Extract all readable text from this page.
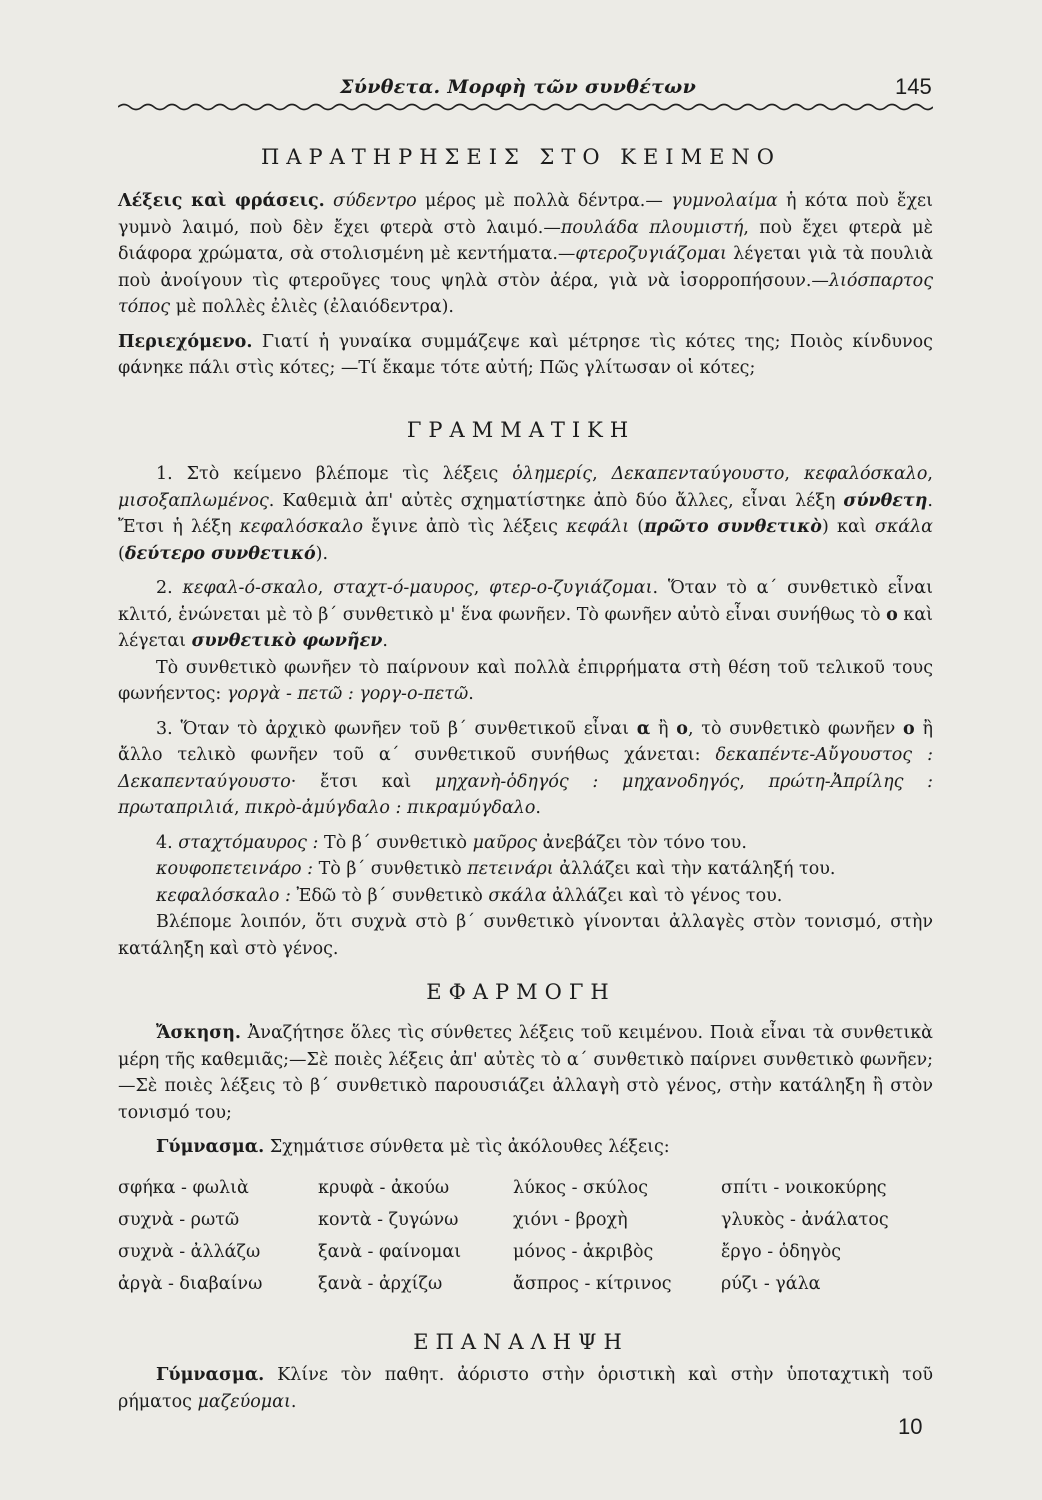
Σύνθετα. Μορφὴ τῶν συνθέτων	145
ΠΑΡΑΤΗΡΗΣΕΙΣ ΣΤΟ ΚΕΙΜΕΝΟ

Λέξεις καὶ φράσεις. σύδεντρο μέρος μὲ πολλὰ δέντρα.— γυμνολαίμα ἡ κότα ποὺ ἔχει γυμνὸ λαιμό, ποὺ δὲν ἔχει φτερὰ στὸ λαιμό.—πουλάδα πλουμιστή, ποὺ ἔχει φτερὰ μὲ διάφορα χρώματα, σὰ στολισμένη μὲ κεντήματα.—φτεροζυγιάζομαι λέγεται γιὰ τὰ πουλιὰ ποὺ ἀνοίγουν τὶς φτεροῦγες τους ψηλὰ στὸν ἀέρα, γιὰ νὰ ἰσορροπήσουν.—λιόσπαρτος τόπος μὲ πολλὲς ἐλιὲς (ἐλαιόδεντρα).

Περιεχόμενο. Γιατί ἡ γυναίκα συμμάζεψε καὶ μέτρησε τὶς κότες της; Ποιὸς κίνδυνος φάνηκε πάλι στὶς κότες; —Τί ἔκαμε τότε αὐτή; Πῶς γλίτωσαν οἱ κότες;

ΓΡΑΜΜΑΤΙΚΗ

1. Στὸ κείμενο βλέπομε τὶς λέξεις ὁλημερίς, Δεκαπενταύγουστο, κεφαλόσκαλο, μισοξαπλωμένος. Καθεμιὰ ἀπ' αὐτὲς σχηματίστηκε ἀπὸ δύο ἄλλες, εἶναι λέξη σύνθετη. Ἔτσι ἡ λέξη κεφαλόσκαλο ἔγινε ἀπὸ τὶς λέξεις κεφάλι (πρῶτο συνθετικὸ) καὶ σκάλα (δεύτερο συνθετικό).

2. κεφαλ-ό-σκαλο, σταχτ-ό-μαυρος, φτερ-ο-ζυγιάζομαι. Ὅταν τὸ α΄ συνθετικὸ εἶναι κλιτό, ἑνώνεται μὲ τὸ β΄ συνθετικὸ μ' ἕνα φωνῆεν. Τὸ φωνῆεν αὐτὸ εἶναι συνήθως τὸ ο καὶ λέγεται συνθετικὸ φωνῆεν.

Τὸ συνθετικὸ φωνῆεν τὸ παίρνουν καὶ πολλὰ ἐπιρρήματα στὴ θέση τοῦ τελικοῦ τους φωνήεντος: γοργὰ - πετῶ : γοργ-ο-πετῶ.

3. Ὅταν τὸ ἀρχικὸ φωνῆεν τοῦ β΄ συνθετικοῦ εἶναι α ἢ ο, τὸ συνθετικὸ φωνῆεν ο ἢ ἄλλο τελικὸ φωνῆεν τοῦ α΄ συνθετικοῦ συνήθως χάνεται: δεκαπέντε-Αὔγουστος : Δεκαπενταύγουστο· ἔτσι καὶ μηχανὴ-ὁδηγός : μηχανοδηγός, πρώτη-Ἀπρίλης : πρωταπριλιά, πικρὸ-ἀμύγδαλο : πικραμύγδαλο.

4. σταχτόμαυρος : Τὸ β΄ συνθετικὸ μαῦρος ἀνεβάζει τὸν τόνο του.

κουφοπετεινάρο : Τὸ β΄ συνθετικὸ πετεινάρι ἀλλάζει καὶ τὴν κατάληξή του.

κεφαλόσκαλο : Ἐδῶ τὸ β΄ συνθετικὸ σκάλα ἀλλάζει καὶ τὸ γένος του.

Βλέπομε λοιπόν, ὅτι συχνὰ στὸ β΄ συνθετικὸ γίνονται ἀλλαγὲς στὸν τονισμό, στὴν κατάληξη καὶ στὸ γένος.

ΕΦΑΡΜΟΓΗ

Ἄσκηση. Ἀναζήτησε ὅλες τὶς σύνθετες λέξεις τοῦ κειμένου. Ποιὰ εἶναι τὰ συνθετικὰ μέρη τῆς καθεμιᾶς;—Σὲ ποιὲς λέξεις ἀπ' αὐτὲς τὸ α΄ συνθετικὸ παίρνει συνθετικὸ φωνῆεν;—Σὲ ποιὲς λέξεις τὸ β΄ συνθετικὸ παρουσιάζει ἀλλαγὴ στὸ γένος, στὴν κατάληξη ἢ στὸν τονισμό του;

Γύμνασμα. Σχημάτισε σύνθετα μὲ τὶς ἀκόλουθες λέξεις:

σφήκα - φωλιὰ	κρυφὰ - ἀκούω	λύκος - σκύλος	σπίτι - νοικοκύρης
συχνὰ - ρωτῶ	κοντὰ - ζυγώνω	χιόνι - βροχὴ	γλυκὸς - ἀνάλατος
συχνὰ - ἀλλάζω	ξανὰ - φαίνομαι	μόνος - ἀκριβὸς	ἔργο - ὁδηγὸς
ἀργὰ - διαβαίνω	ξανὰ - ἀρχίζω	ἄσπρος - κίτρινος	ρύζι - γάλα
ΕΠΑΝΑΛΗΨΗ

Γύμνασμα. Κλίνε τὸν παθητ. ἀόριστο στὴν ὁριστικὴ καὶ στὴν ὑποταχτικὴ τοῦ ρήματος μαζεύομαι.

10
